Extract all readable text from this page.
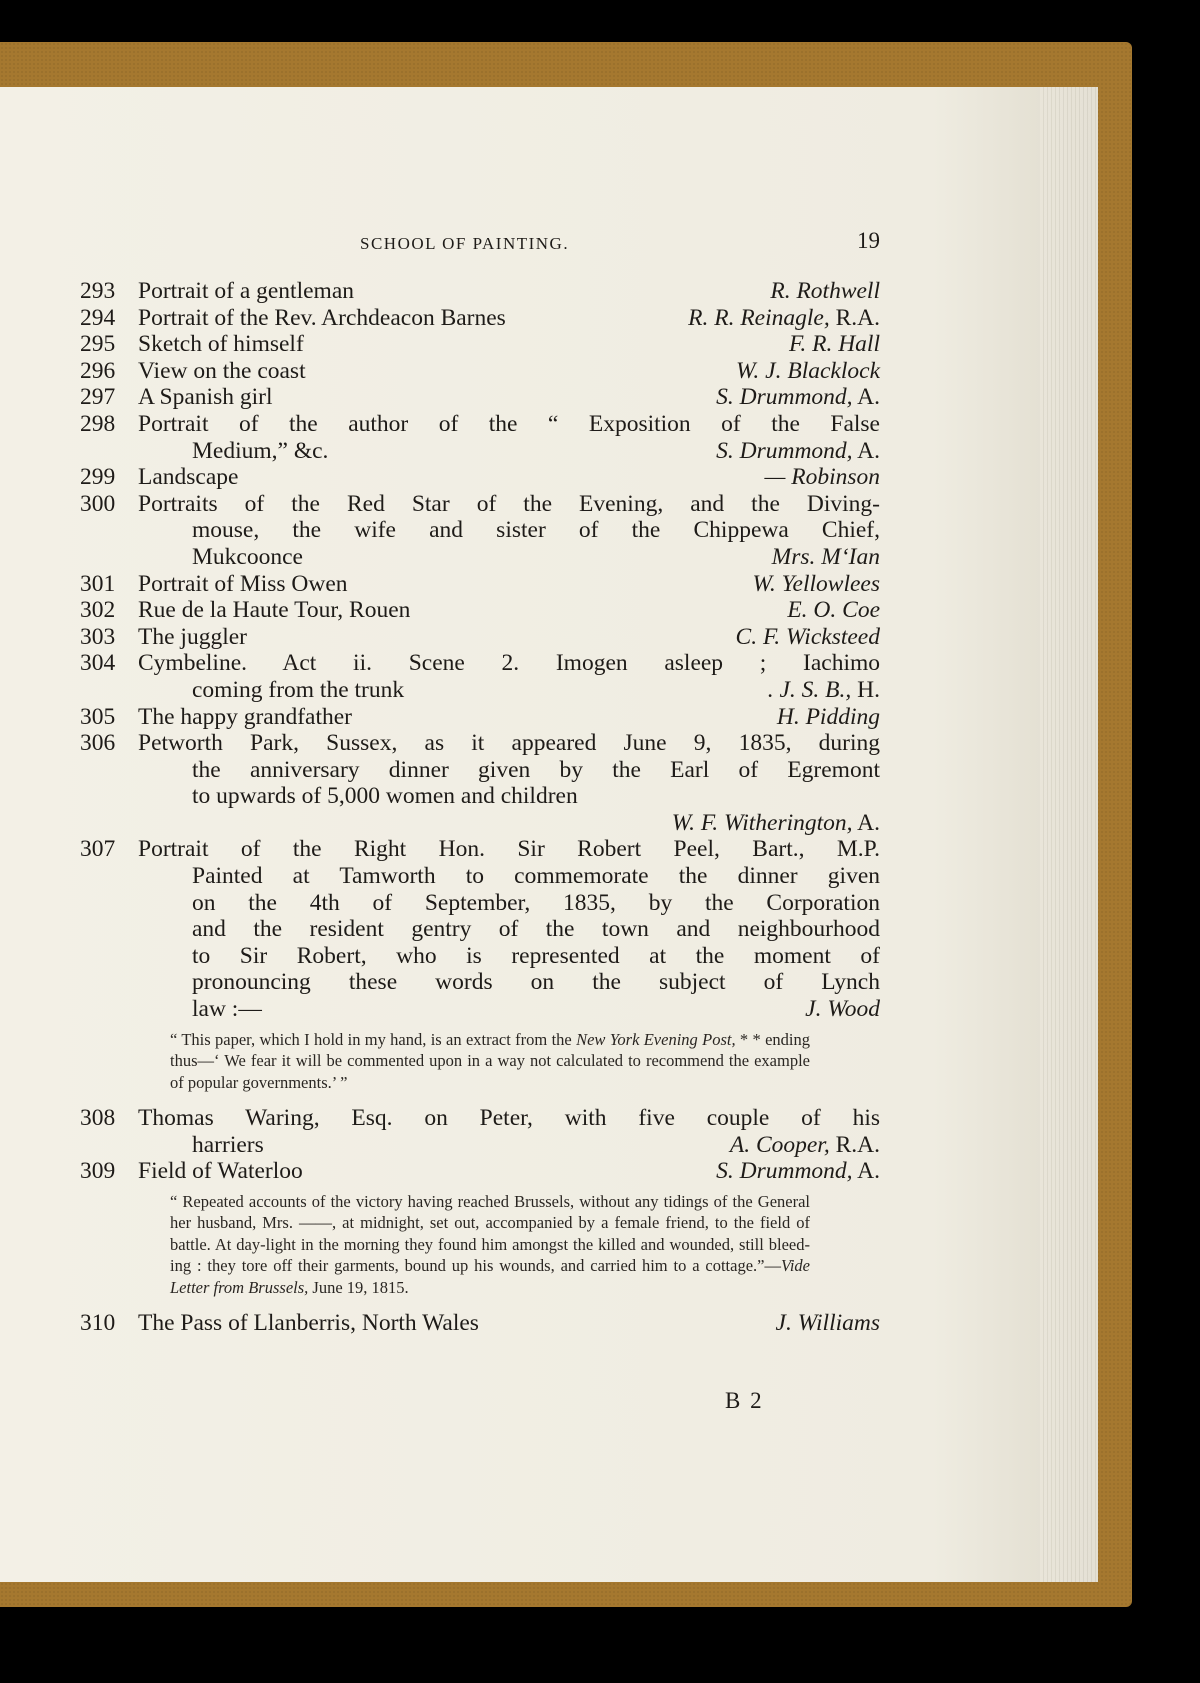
SCHOOL OF PAINTING.	19
293 Portrait of a gentleman	R. Rothwell
294 Portrait of the Rev. Archdeacon Barnes	R. R. Reinagle, R.A.
295 Sketch of himself	F. R. Hall
296 View on the coast	W. J. Blacklock
297 A Spanish girl	S. Drummond, A.
298 Portrait of the author of the “ Exposition of the False
Medium,” &c.	S. Drummond, A.
299 Landscape	— Robinson
300 Portraits of the Red Star of the Evening, and the Diving-
mouse, the wife and sister of the Chippewa Chief,
Mukcoonce	Mrs. M‘Ian
301 Portrait of Miss Owen	W. Yellowlees
302 Rue de la Haute Tour, Rouen	E. O. Coe
303 The juggler	C. F. Wicksteed
304 Cymbeline. Act ii. Scene 2. Imogen asleep ; Iachimo
coming from the trunk	. J. S. B., H.
305 The happy grandfather	H. Pidding
306 Petworth Park, Sussex, as it appeared June 9, 1835, during
the anniversary dinner given by the Earl of Egremont
to upwards of 5,000 women and children

W. F. Witherington, A.
307 Portrait of the Right Hon. Sir Robert Peel, Bart., M.P.
Painted at Tamworth to commemorate the dinner given
on the 4th of September, 1835, by the Corporation
and the resident gentry of the town and neighbourhood
to Sir Robert, who is represented at the moment of
pronouncing these words on the subject of Lynch
law :—	J. Wood
“ This paper, which I hold in my hand, is an extract from the New York Evening Post, * * ending thus—‘ We fear it will be commented upon in a way not calculated to recommend the example of popular governments.’ ”
308 Thomas Waring, Esq. on Peter, with five couple of his
harriers	A. Cooper, R.A.
309 Field of Waterloo	S. Drummond, A.
“ Repeated accounts of the victory having reached Brussels, without any tidings of the General her husband, Mrs. ——, at midnight, set out, accompanied by a female friend, to the field of battle. At day-light in the morning they found him amongst the killed and wounded, still bleed-ing : they tore off their garments, bound up his wounds, and carried him to a cottage.”—Vide Letter from Brussels, June 19, 1815.
310 The Pass of Llanberris, North Wales	J. Williams
B 2
